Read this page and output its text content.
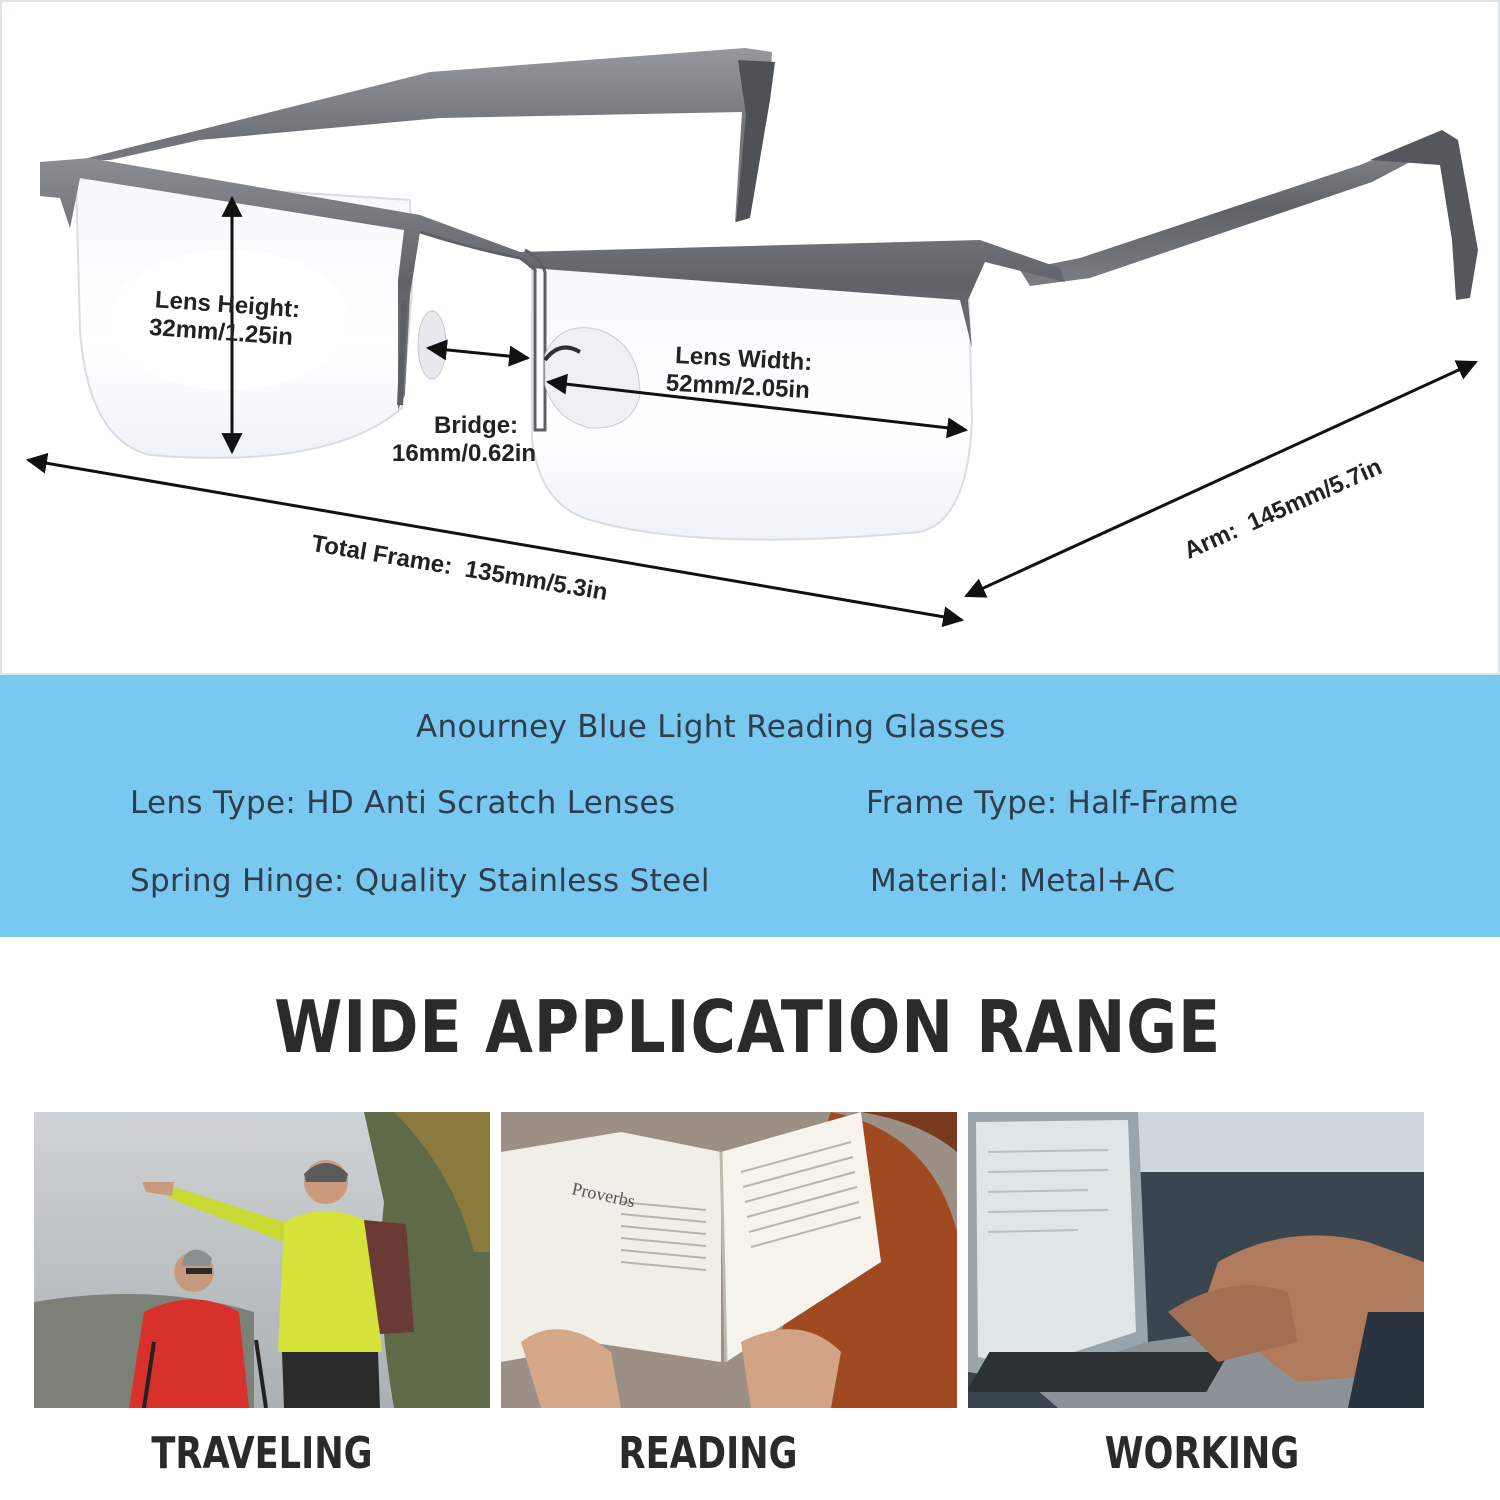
Lens Height:
32mm/1.25in
Bridge:
16mm/0.62in
Lens Width:
52mm/2.05in
Total Frame:  135mm/5.3in
Arm:  145mm/5.7in
Anourney Blue Light Reading Glasses
Lens Type: HD Anti Scratch Lenses	Frame Type: Half-Frame
Spring Hinge: Quality Stainless Steel	Material: Metal+AC
WIDE APPLICATION RANGE
TRAVELING
Proverbs
READING	WORKING
